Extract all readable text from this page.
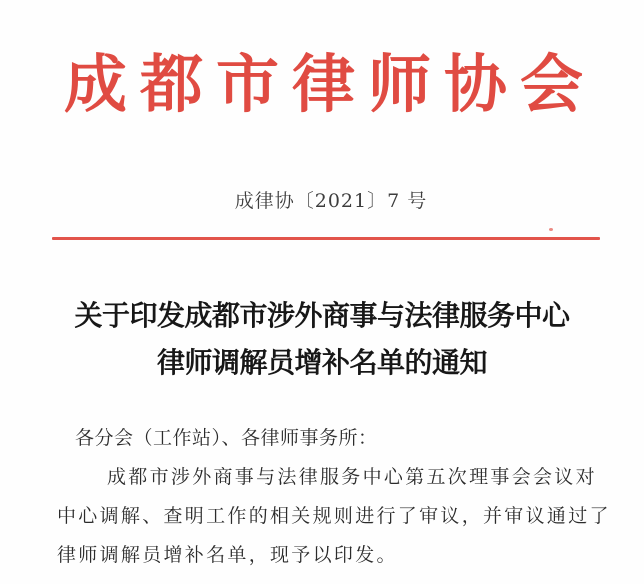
成都市律师协会
成律协〔2021〕7 号
关于印发成都市涉外商事与法律服务中心
律师调解员增补名单的通知
各分会（工作站）、各律师事务所：
成都市涉外商事与法律服务中心第五次理事会会议对
中心调解、查明工作的相关规则进行了审议，并审议通过了
律师调解员增补名单，现予以印发。
